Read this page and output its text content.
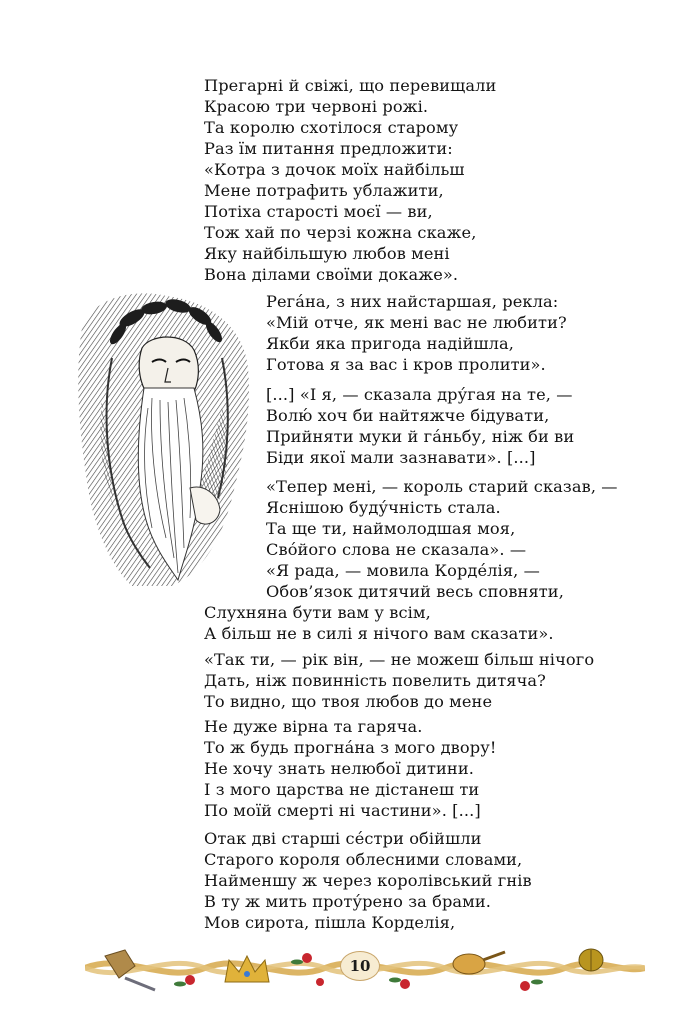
Прегарні й свіжі, що перевищали
Красою три червоні рожі.
Та королю схотілося старому
Раз їм питання предложити:
«Котра з дочок моїх найбільш
Мене потрафить ублажити,
Потіха старості моєї — ви,
Тож хай по черзі кожна скаже,
Яку найбільшую любов мені
Вона ділами своїми докаже».
Рега́на, з них найстаршая, рекла:
«Мій отче, як мені вас не любити?
Якби яка пригода надійшла,
Готова я за вас і кров пролити».
[...] «І я, — сказала дру́гая на те, —
Волю́ хоч би найтяжче бідувати,
Прийняти муки й га́ньбу, ніж би ви
Біди якої мали зазнавати». [...]
«Тепер мені, — король старий сказав, —
Яснішою буду́чність стала.
Та ще ти, наймолодшая моя,
Сво́його слова не сказала». —
«Я рада, — мовила Корде́лія, —
Обов’язок дитячий весь сповняти,
Слухняна бути вам у всім,
А більш не в силі я нічого вам сказати».
«Так ти, — рік він, — не можеш більш нічого
Дать, ніж повинність повелить дитяча?
То видно, що твоя любов до мене
Не дуже вірна та гаряча.
То ж будь прогна́на з мого двору!
Не хочу знать нелюбої дитини.
І з мого царства не дістанеш ти
По моїй смерті ні частини». [...]
Отак дві старші се́стри обійшли
Старого короля облесними словами,
Найменшу ж через королівський гнів
В ту ж мить проту́рено за брами.
Мов сирота, пішла Корделія,
10
